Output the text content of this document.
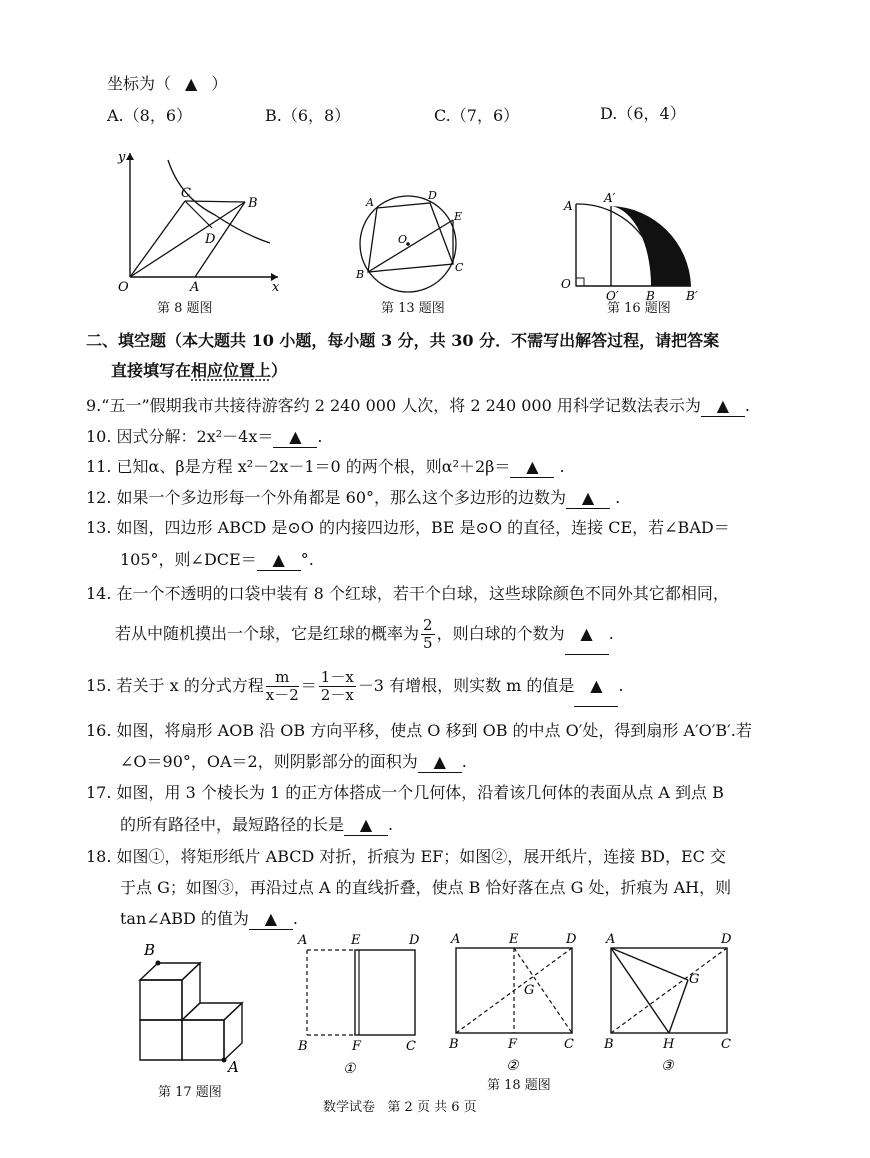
坐标为（ ▲ ）
A.（8，6）	B.（6，8）	C.（7，6）	D.（6，4）
y
x
O	A
B
C
D
第 8 题图
A
D
E
O
B
C
第 13 题图
A
A′
O
O′ B	B′
第 16 题图
二、填空题（本大题共 10 小题，每小题 3 分，共 30 分．不需写出解答过程，请把答案
直接填写在相应位置上）
9.“五一”假期我市共接待游客约 2 240 000 人次，将 2 240 000 用科学记数法表示为 ▲ .
10. 因式分解：2x²－4x＝ ▲ .
11. 已知α、β是方程 x²－2x－1＝0 的两个根，则α²＋2β＝ ▲ .
12. 如果一个多边形每一个外角都是 60°，那么这个多边形的边数为 ▲ .
13. 如图，四边形 ABCD 是⊙O 的内接四边形，BE 是⊙O 的直径，连接 CE，若∠BAD＝
105°，则∠DCE＝ ▲ °.
14. 在一个不透明的口袋中装有 8 个红球，若干个白球，这些球除颜色不同外其它都相同，
若从中随机摸出一个球，它是红球的概率为 $\frac{2}{5}$ ，则白球的个数为 ▲ .
15. 若关于 x 的分式方程 $\frac{m}{x-2} = \frac{1-x}{2-x} -3$ 有增根，则实数 m 的值是 ▲ .
16. 如图，将扇形 AOB 沿 OB 方向平移，使点 O 移到 OB 的中点 O′处，得到扇形 A′O′B′.若
∠O＝90°，OA＝2，则阴影部分的面积为 ▲ .
17. 如图，用 3 个棱长为 1 的正方体搭成一个几何体，沿着该几何体的表面从点 A 到点 B
的所有路径中，最短路径的长是 ▲ .
18. 如图①，将矩形纸片 ABCD 对折，折痕为 EF；如图②，展开纸片，连接 BD，EC 交
于点 G；如图③，再沿过点 A 的直线折叠，使点 B 恰好落在点 G 处，折痕为 AH，则
tan∠ABD 的值为 ▲ .
B
A
第 17 题图
A	E	D
B	F	C
①
A	E	D
G
B	F	C
②
第 18 题图
A	D
G
B	H	C
③
数学试卷 第 2 页 共 6 页
